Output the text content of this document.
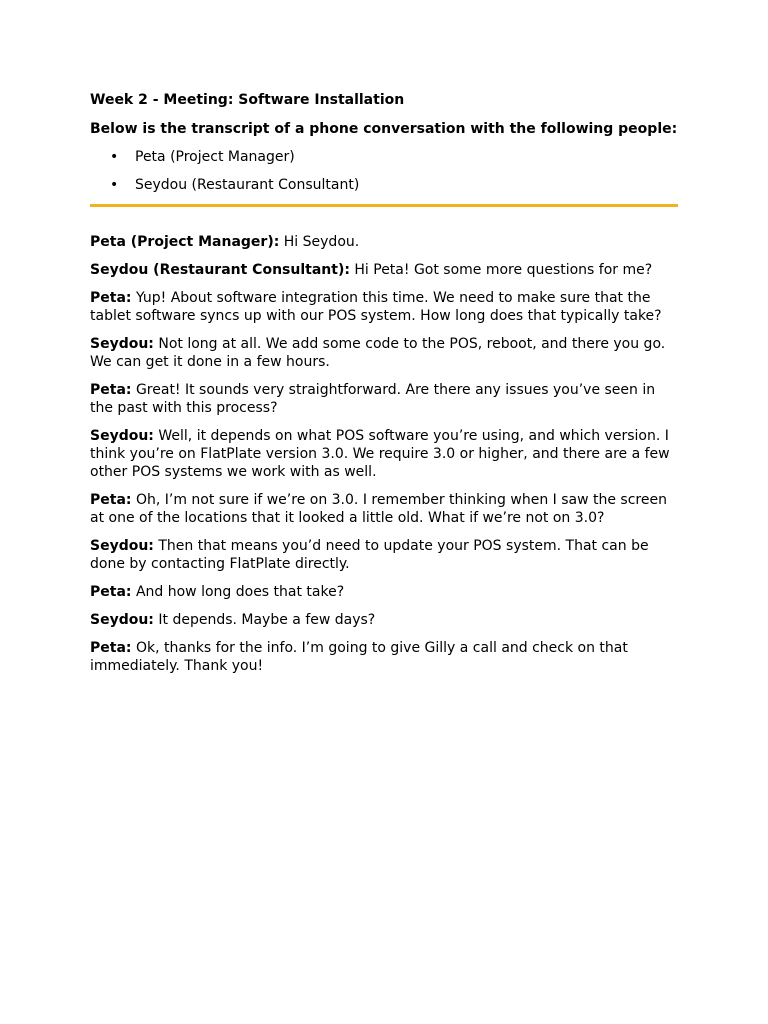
Week 2 - Meeting: Software Installation
Below is the transcript of a phone conversation with the following people:
• Peta (Project Manager)
• Seydou (Restaurant Consultant)
Peta (Project Manager): Hi Seydou.
Seydou (Restaurant Consultant): Hi Peta! Got some more questions for me?
Peta: Yup! About software integration this time. We need to make sure that the tablet software syncs up with our POS system. How long does that typically take?
Seydou: Not long at all. We add some code to the POS, reboot, and there you go. We can get it done in a few hours.
Peta: Great! It sounds very straightforward. Are there any issues you’ve seen in the past with this process?
Seydou: Well, it depends on what POS software you’re using, and which version. I think you’re on FlatPlate version 3.0. We require 3.0 or higher, and there are a few other POS systems we work with as well.
Peta: Oh, I’m not sure if we’re on 3.0. I remember thinking when I saw the screen at one of the locations that it looked a little old. What if we’re not on 3.0?
Seydou: Then that means you’d need to update your POS system. That can be done by contacting FlatPlate directly.
Peta: And how long does that take?
Seydou: It depends. Maybe a few days?
Peta: Ok, thanks for the info. I’m going to give Gilly a call and check on that immediately. Thank you!
